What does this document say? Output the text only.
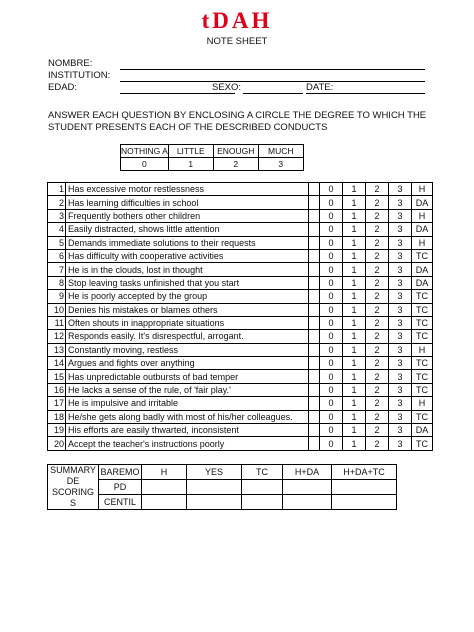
tDAH
NOTE SHEET
NOMBRE:
INSTITUTION:
EDAD:	SEXO:	DATE:
ANSWER EACH QUESTION BY ENCLOSING A CIRCLE THE DEGREE TO WHICH THE STUDENT PRESENTS EACH OF THE DESCRIBED CONDUCTS
NOTHING A	LITTLE	ENOUGH	MUCH
0	1	2	3
1	Has excessive motor restlessness		0	1	2	3	H
2	Has learning difficulties in school		0	1	2	3	DA
3	Frequently bothers other children		0	1	2	3	H
4	Easily distracted, shows little attention		0	1	2	3	DA
5	Demands immediate solutions to their requests		0	1	2	3	H
6	Has difficulty with cooperative activities		0	1	2	3	TC
7	He is in the clouds, lost in thought		0	1	2	3	DA
8	Stop leaving tasks unfinished that you start		0	1	2	3	DA
9	He is poorly accepted by the group		0	1	2	3	TC
10	Denies his mistakes or blames others		0	1	2	3	TC
11	Often shouts in inappropriate situations		0	1	2	3	TC
12	Responds easily. It's disrespectful, arrogant.		0	1	2	3	TC
13	Constantly moving, restless		0	1	2	3	H
14	Argues and fights over anything		0	1	2	3	TC
15	Has unpredictable outbursts of bad temper		0	1	2	3	TC
16	He lacks a sense of the rule, of 'fair play.'		0	1	2	3	TC
17	He is impulsive and irritable		0	1	2	3	H
18	He/she gets along badly with most of his/her colleagues.		0	1	2	3	TC
19	His efforts are easily thwarted, inconsistent		0	1	2	3	DA
20	Accept the teacher's instructions poorly		0	1	2	3	TC
SUMMARY
DE
SCORING
S	BAREMO	H	YES	TC	H+DA	H+DA+TC
	PD					
	CENTIL					
